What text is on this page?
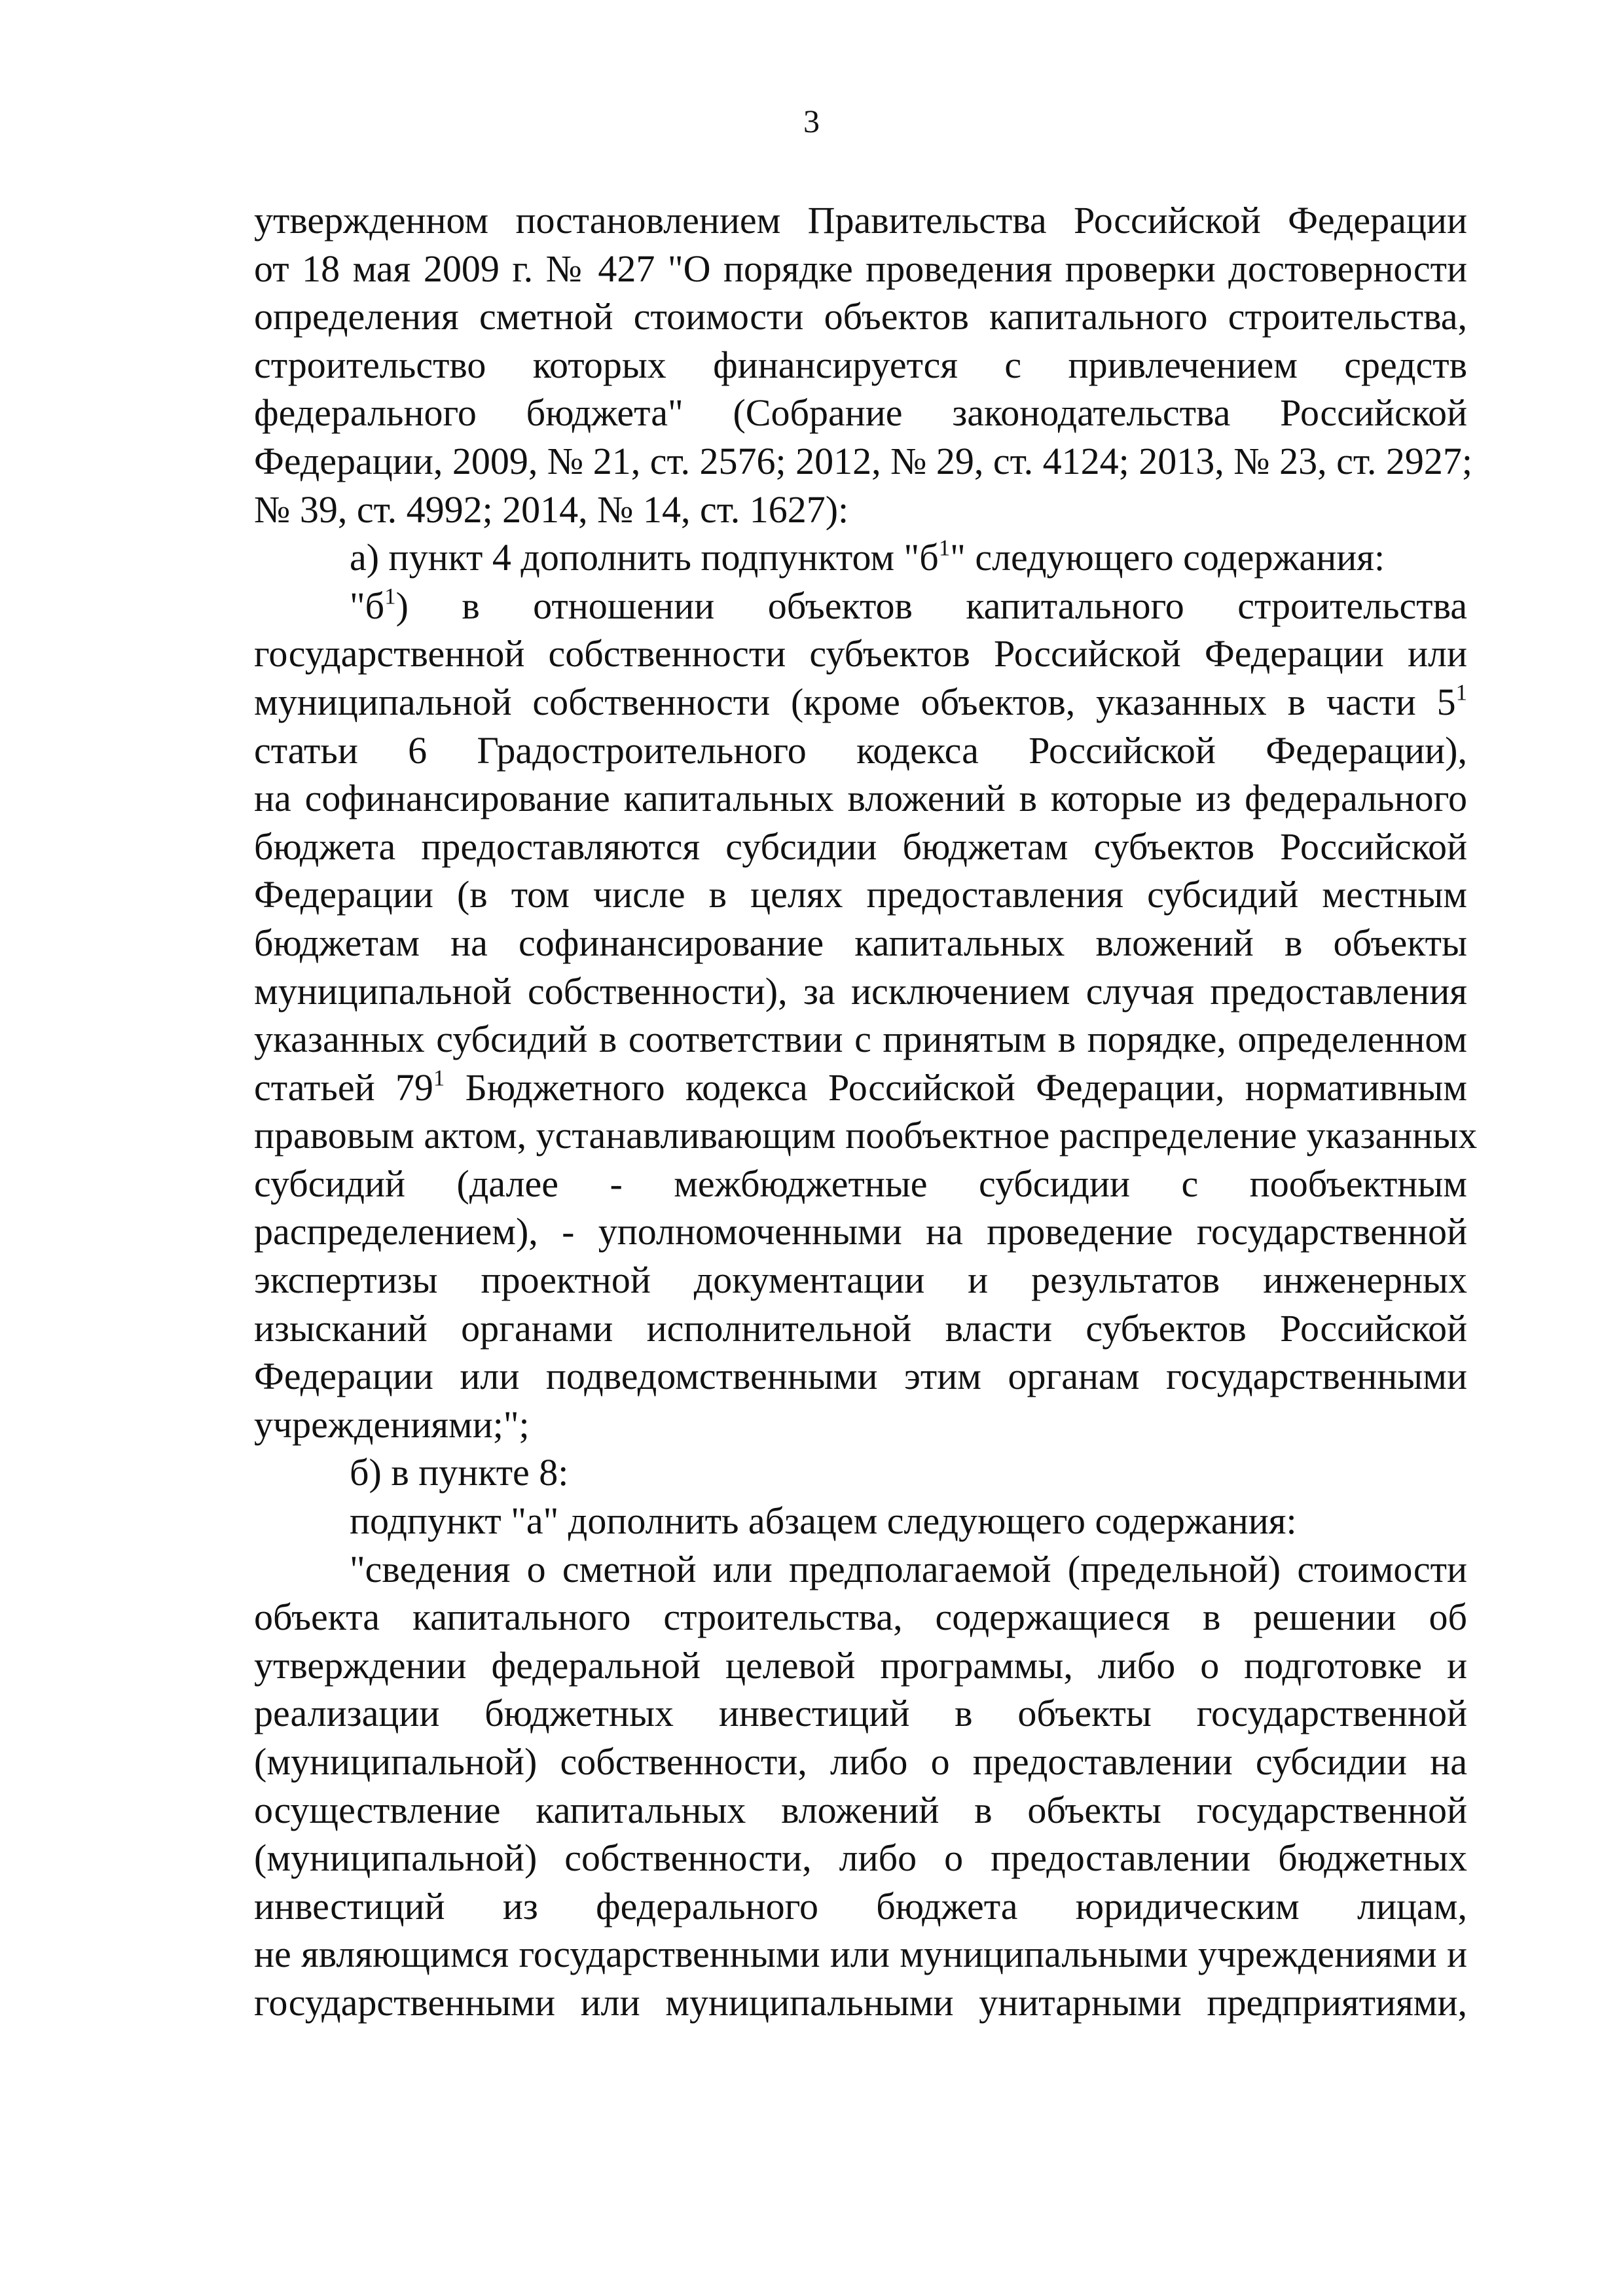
3
утвержденном постановлением Правительства Российской Федерации
от 18 мая 2009 г. № 427 "О порядке проведения проверки достоверности
определения сметной стоимости объектов капитального строительства,
строительство которых финансируется с привлечением средств
федерального бюджета" (Собрание законодательства Российской
Федерации, 2009, № 21, ст. 2576; 2012, № 29, ст. 4124; 2013, № 23, ст. 2927;
№ 39, ст. 4992; 2014, № 14, ст. 1627):
а) пункт 4 дополнить подпунктом "$б^1$" следующего содержания:
"$б^1$) в отношении объектов капитального строительства
государственной собственности субъектов Российской Федерации или
муниципальной собственности (кроме объектов, указанных в части $5^1$
статьи 6 Градостроительного кодекса Российской Федерации),
на софинансирование капитальных вложений в которые из федерального
бюджета предоставляются субсидии бюджетам субъектов Российской
Федерации (в том числе в целях предоставления субсидий местным
бюджетам на софинансирование капитальных вложений в объекты
муниципальной собственности), за исключением случая предоставления
указанных субсидий в соответствии с принятым в порядке, определенном
статьей $79^1$ Бюджетного кодекса Российской Федерации, нормативным
правовым актом, устанавливающим пообъектное распределение указанных
субсидий (далее - межбюджетные субсидии с пообъектным
распределением), - уполномоченными на проведение государственной
экспертизы проектной документации и результатов инженерных
изысканий органами исполнительной власти субъектов Российской
Федерации или подведомственными этим органам государственными
учреждениями;";
б) в пункте 8:
подпункт "а" дополнить абзацем следующего содержания:
"сведения о сметной или предполагаемой (предельной) стоимости
объекта капитального строительства, содержащиеся в решении об
утверждении федеральной целевой программы, либо о подготовке и
реализации бюджетных инвестиций в объекты государственной
(муниципальной) собственности, либо о предоставлении субсидии на
осуществление капитальных вложений в объекты государственной
(муниципальной) собственности, либо о предоставлении бюджетных
инвестиций из федерального бюджета юридическим лицам,
не являющимся государственными или муниципальными учреждениями и
государственными или муниципальными унитарными предприятиями,
